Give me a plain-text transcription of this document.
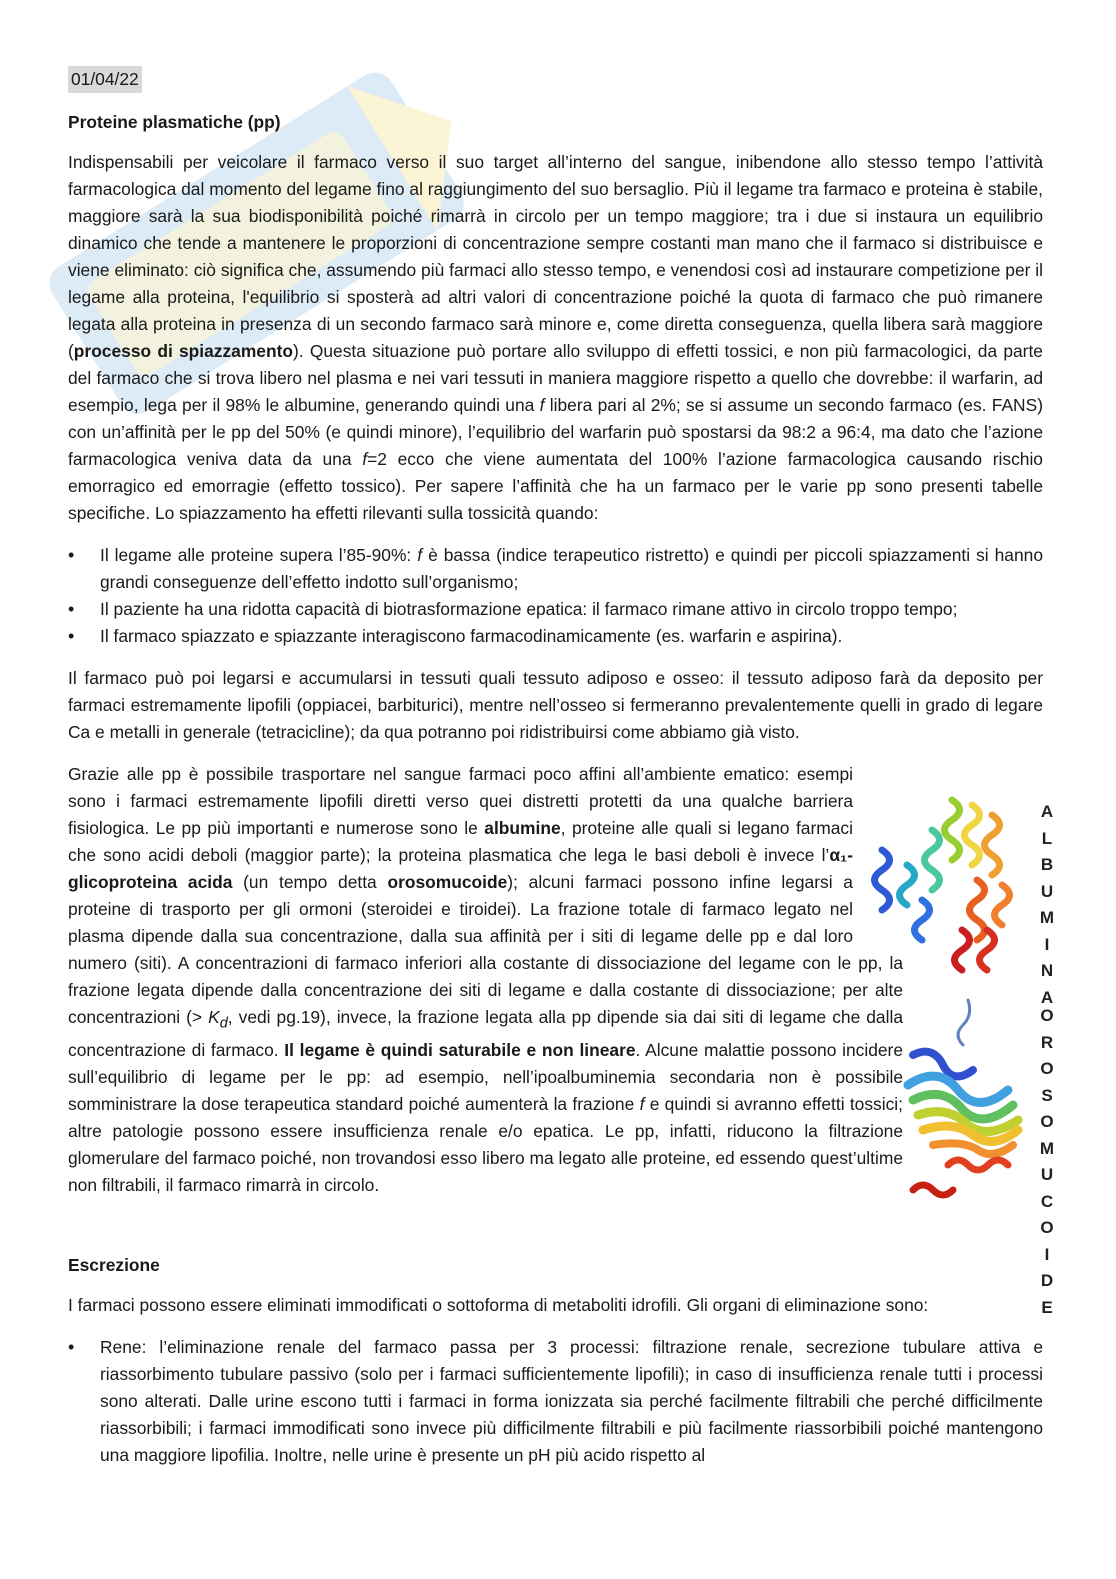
01/04/22
Proteine plasmatiche (pp)

Indispensabili per veicolare il farmaco verso il suo target all’interno del sangue, inibendone allo stesso tempo l’attività farmacologica dal momento del legame fino al raggiungimento del suo bersaglio. Più il legame tra farmaco e proteina è stabile, maggiore sarà la sua biodisponibilità poiché rimarrà in circolo per un tempo maggiore; tra i due si instaura un equilibrio dinamico che tende a mantenere le proporzioni di concentrazione sempre costanti man mano che il farmaco si distribuisce e viene eliminato: ciò significa che, assumendo più farmaci allo stesso tempo, e venendosi così ad instaurare competizione per il legame alla proteina, l'equilibrio si sposterà ad altri valori di concentrazione poiché la quota di farmaco che può rimanere legata alla proteina in presenza di un secondo farmaco sarà minore e, come diretta conseguenza, quella libera sarà maggiore (processo di spiazzamento). Questa situazione può portare allo sviluppo di effetti tossici, e non più farmacologici, da parte del farmaco che si trova libero nel plasma e nei vari tessuti in maniera maggiore rispetto a quello che dovrebbe: il warfarin, ad esempio, lega per il 98% le albumine, generando quindi una f libera pari al 2%; se si assume un secondo farmaco (es. FANS) con un’affinità per le pp del 50% (e quindi minore), l’equilibrio del warfarin può spostarsi da 98:2 a 96:4, ma dato che l’azione farmacologica veniva data da una f=2 ecco che viene aumentata del 100% l’azione farmacologica causando rischio emorragico ed emorragie (effetto tossico). Per sapere l’affinità che ha un farmaco per le varie pp sono presenti tabelle specifiche. Lo spiazzamento ha effetti rilevanti sulla tossicità quando:

• Il legame alle proteine supera l’85-90%: f è bassa (indice terapeutico ristretto) e quindi per piccoli spiazzamenti si hanno grandi conseguenze dell’effetto indotto sull’organismo;
• Il paziente ha una ridotta capacità di biotrasformazione epatica: il farmaco rimane attivo in circolo troppo tempo;
• Il farmaco spiazzato e spiazzante interagiscono farmacodinamicamente (es. warfarin e aspirina).

Il farmaco può poi legarsi e accumularsi in tessuti quali tessuto adiposo e osseo: il tessuto adiposo farà da deposito per farmaci estremamente lipofili (oppiacei, barbiturici), mentre nell’osseo si fermeranno prevalentemente quelli in grado di legare Ca e metalli in generale (tetracicline); da qua potranno poi ridistribuirsi come abbiamo già visto.

Grazie alle pp è possibile trasportare nel sangue farmaci poco affini all’ambiente ematico: esempi sono i farmaci estremamente lipofili diretti verso quei distretti protetti da una qualche barriera fisiologica. Le pp più importanti e numerose sono le albumine, proteine alle quali si legano farmaci che sono acidi deboli (maggior parte); la proteina plasmatica che lega le basi deboli è invece l’α₁-glicoproteina acida (un tempo detta orosomucoide); alcuni farmaci possono infine legarsi a proteine di trasporto per gli ormoni (steroidei e tiroidei). La frazione totale di farmaco legato nel plasma dipende dalla sua concentrazione, dalla sua affinità per i siti di legame delle pp e dal loro numero (siti). A concentrazioni di farmaco inferiori alla costante di dissociazione del legame con le pp, la frazione legata dipende dalla concentrazione dei siti di legame e dalla costante di dissociazione; per alte concentrazioni (> $K_d$, vedi pg.19), invece, la frazione legata alla pp dipende sia dai siti di legame che dalla concentrazione di farmaco. Il legame è quindi saturabile e non lineare. Alcune malattie possono incidere sull’equilibrio di legame per le pp: ad esempio, nell’ipoalbuminemia secondaria non è possibile somministrare la dose terapeutica standard poiché aumenterà la frazione f e quindi si avranno effetti tossici; altre patologie possono essere insufficienza renale e/o epatica. Le pp, infatti, riducono la filtrazione glomerulare del farmaco poiché, non trovandosi esso libero ma legato alle proteine, ed essendo quest’ultime non filtrabili, il farmaco rimarrà in circolo.

Escrezione

I farmaci possono essere eliminati immodificati o sottoforma di metaboliti idrofili. Gli organi di eliminazione sono:

• Rene: l’eliminazione renale del farmaco passa per 3 processi: filtrazione renale, secrezione tubulare attiva e riassorbimento tubulare passivo (solo per i farmaci sufficientemente lipofili); in caso di insufficienza renale tutti i processi sono alterati. Dalle urine escono tutti i farmaci in forma ionizzata sia perché facilmente filtrabili che perché difficilmente riassorbibili; i farmaci immodificati sono invece più difficilmente filtrabili e più facilmente riassorbibili poiché mantengono una maggiore lipofilia. Inoltre, nelle urine è presente un pH più acido rispetto al
A
L
B
U
M
I
N
A
O
R
O
S
O
M
U
C
O
I
D
E
